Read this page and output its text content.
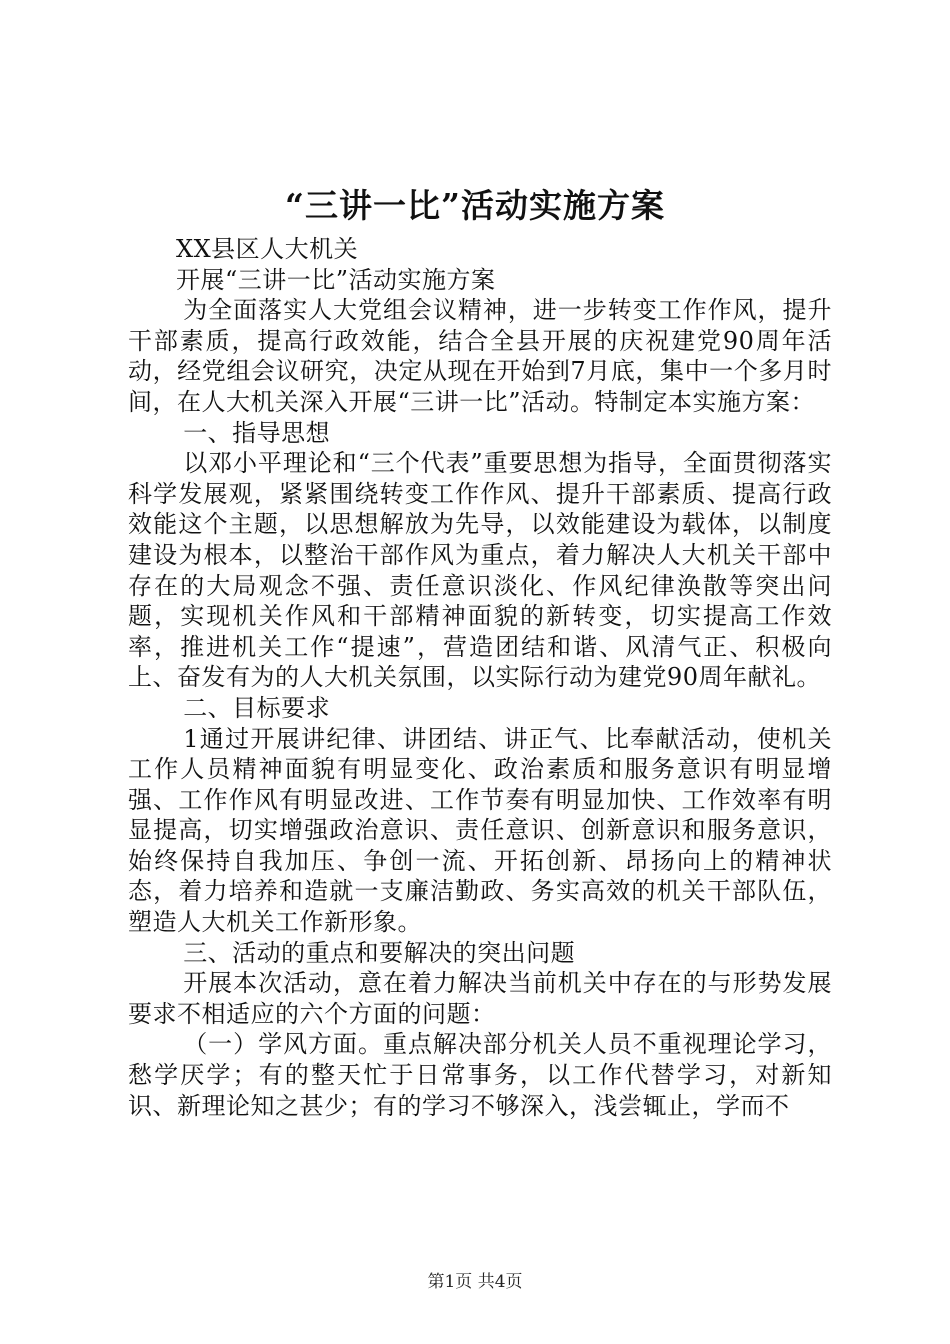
“三讲一比”活动实施方案

XX县区人大机关

开展“三讲一比”活动实施方案

为全面落实人大党组会议精神，进一步转变工作作风，提升干部素质，提高行政效能，结合全县开展的庆祝建党90周年活动，经党组会议研究，决定从现在开始到7月底，集中一个多月时间，在人大机关深入开展“三讲一比”活动。特制定本实施方案：

一、指导思想

以邓小平理论和“三个代表”重要思想为指导，全面贯彻落实科学发展观，紧紧围绕转变工作作风、提升干部素质、提高行政效能这个主题，以思想解放为先导，以效能建设为载体，以制度建设为根本，以整治干部作风为重点，着力解决人大机关干部中存在的大局观念不强、责任意识淡化、作风纪律涣散等突出问题，实现机关作风和干部精神面貌的新转变，切实提高工作效率，推进机关工作“提速”，营造团结和谐、风清气正、积极向上、奋发有为的人大机关氛围，以实际行动为建党90周年献礼。

二、目标要求

1通过开展讲纪律、讲团结、讲正气、比奉献活动，使机关工作人员精神面貌有明显变化、政治素质和服务意识有明显增强、工作作风有明显改进、工作节奏有明显加快、工作效率有明显提高，切实增强政治意识、责任意识、创新意识和服务意识，始终保持自我加压、争创一流、开拓创新、昂扬向上的精神状态，着力培养和造就一支廉洁勤政、务实高效的机关干部队伍，塑造人大机关工作新形象。

三、活动的重点和要解决的突出问题

开展本次活动，意在着力解决当前机关中存在的与形势发展要求不相适应的六个方面的问题：

（一）学风方面。重点解决部分机关人员不重视理论学习，愁学厌学；有的整天忙于日常事务，以工作代替学习，对新知识、新理论知之甚少；有的学习不够深入，浅尝辄止，学而不

第1页 共4页
